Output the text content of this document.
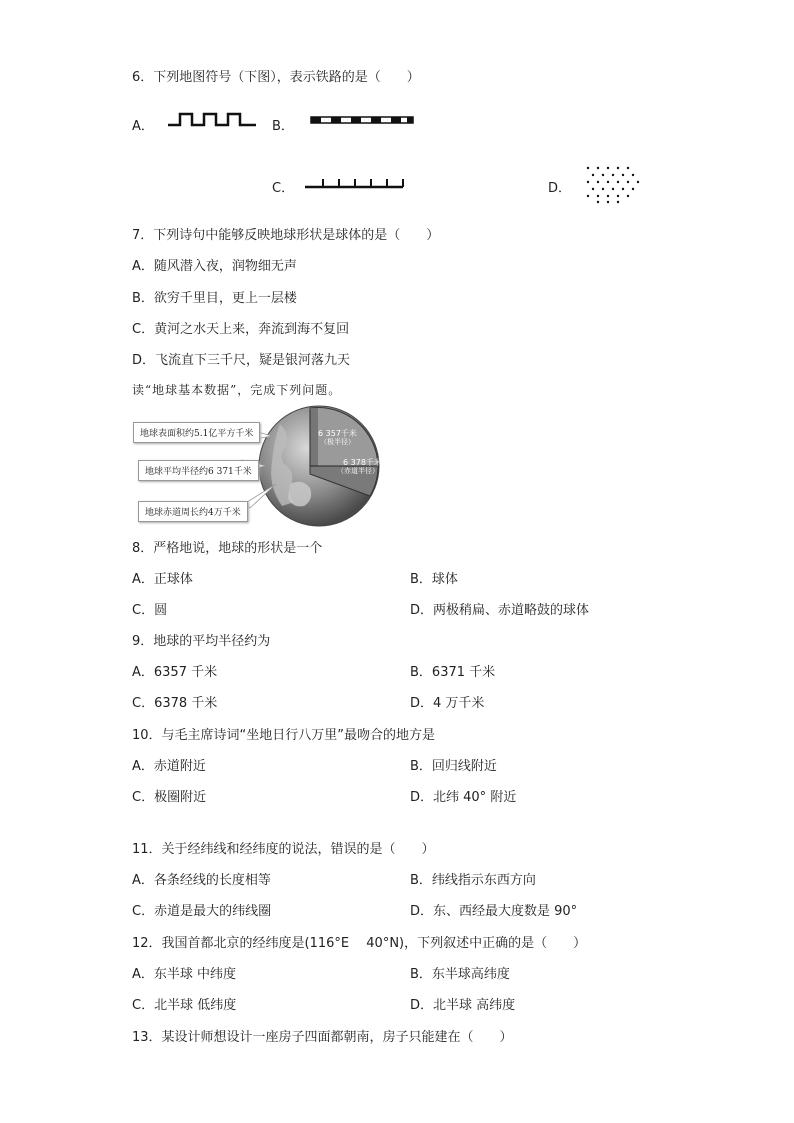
6．下列地图符号（下图），表示铁路的是（　　）
A．	B．
C．	D．
7．下列诗句中能够反映地球形状是球体的是（　　）
A．随风潜入夜，润物细无声
B．欲穷千里目，更上一层楼
C．黄河之水天上来，奔流到海不复回
D．飞流直下三千尺，疑是银河落九天
读“地球基本数据”，完成下列问题。
地球表面积约5.1亿平方千米
地球平均半径约6 371千米
地球赤道周长约4万千米
6 357千米
（极半径）
6 378千米
（赤道半径）
8．严格地说，地球的形状是一个
A．正球体	B．球体
C．圆	D．两极稍扁、赤道略鼓的球体
9．地球的平均半径约为
A．6357 千米	B．6371 千米
C．6378 千米	D．4 万千米
10．与毛主席诗词“坐地日行八万里”最吻合的地方是
A．赤道附近	B．回归线附近
C．极圈附近	D．北纬 40° 附近
11．关于经纬线和经纬度的说法，错误的是（　　）
A．各条经线的长度相等	B．纬线指示东西方向
C．赤道是最大的纬线圈	D．东、西经最大度数是 90°
12．我国首都北京的经纬度是(116°E　 40°N)，下列叙述中正确的是（　　）
A．东半球 中纬度	B．东半球高纬度
C．北半球 低纬度	D．北半球 高纬度
13．某设计师想设计一座房子四面都朝南，房子只能建在（　　）
